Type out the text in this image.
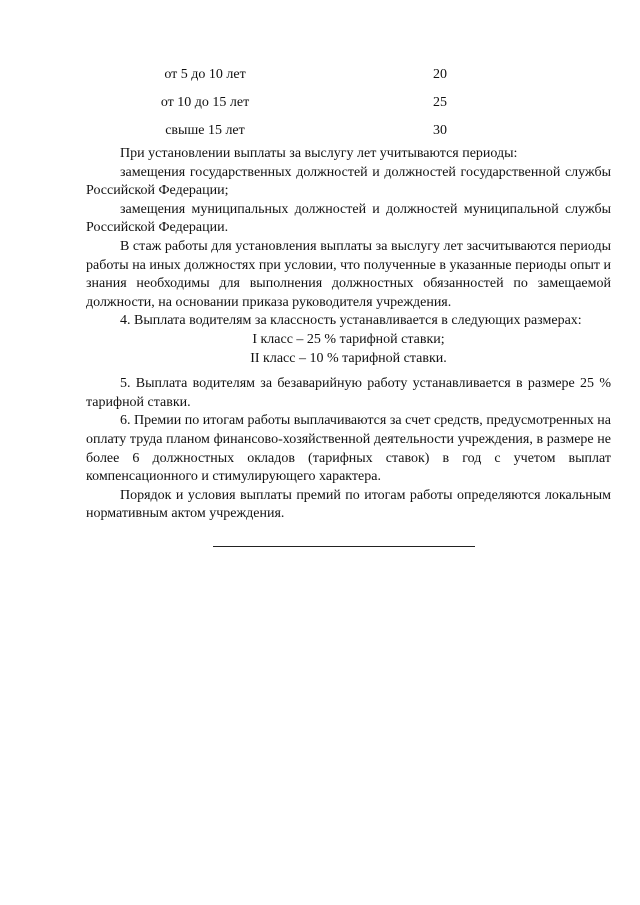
от 5 до 10 лет	20
от 10 до 15 лет	25
свыше 15 лет	30

При установлении выплаты за выслугу лет учитываются периоды:

замещения государственных должностей и должностей государственной службы Российской Федерации;

замещения муниципальных должностей и должностей муниципальной службы Российской Федерации.

В стаж работы для установления выплаты за выслугу лет засчитываются периоды работы на иных должностях при условии, что полученные в указанные периоды опыт и знания необходимы для выполнения должностных обязанностей по замещаемой должности, на основании приказа руководителя учреждения.

4. Выплата водителям за классность устанавливается в следующих размерах:

I класс – 25 % тарифной ставки;

II класс – 10 % тарифной ставки.

5. Выплата водителям за безаварийную работу устанавливается в размере 25 % тарифной ставки.

6. Премии по итогам работы выплачиваются за счет средств, предусмотренных на оплату труда планом финансово-хозяйственной деятельности учреждения, в размере не более 6 должностных окладов (тарифных ставок) в год с учетом выплат компенсационного и стимулирующего характера.

Порядок и условия выплаты премий по итогам работы определяются локальным нормативным актом учреждения.
